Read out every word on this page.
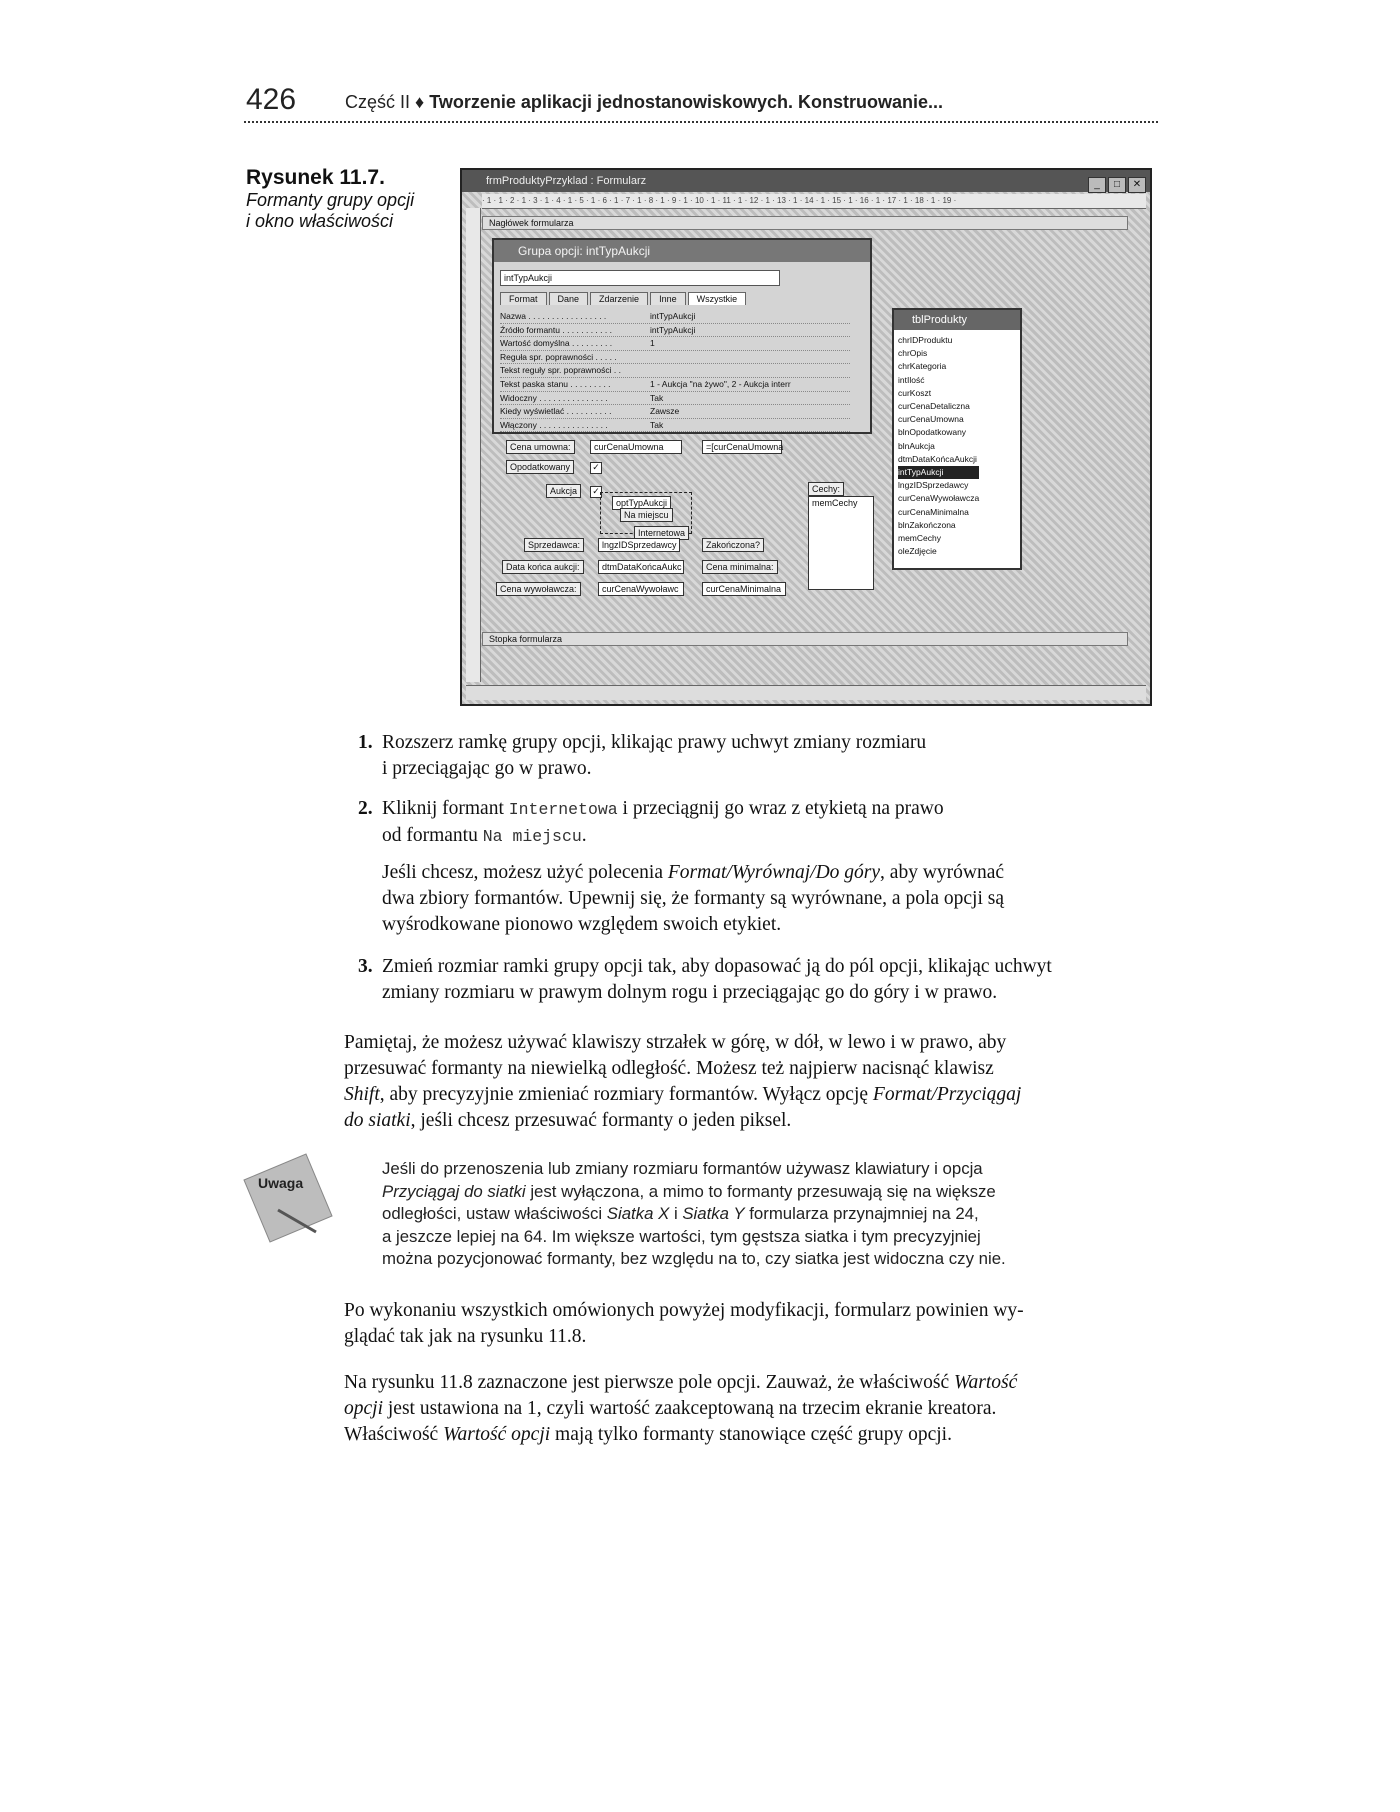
426	Część II ♦ Tworzenie aplikacji jednostanowiskowych. Konstruowanie...
Rysunek 11.7.
Formanty grupy opcji
i okno właściwości
frmProduktyPrzyklad : Formularz	_ □ ✕
· 1 · 1 · 2 · 1 · 3 · 1 · 4 · 1 · 5 · 1 · 6 · 1 · 7 · 1 · 8 · 1 · 9 · 1 · 10 · 1 · 11 · 1 · 12 · 1 · 13 · 1 · 14 · 1 · 15 · 1 · 16 · 1 · 17 · 1 · 18 · 1 · 19 ·
Nagłówek formularza
Stopka formularza
Cena umowna:	curCenaUmowna	=[curCenaUmowna
Opodatkowany	✓
Aukcja	✓
optTypAukcji
Na miejscu
Internetowa
Sprzedawca:	lngzIDSprzedawcy	Zakończona?
Data końca aukcji:	dtmDataKońcaAukc	Cena minimalna:
Cena wywoławcza:	curCenaWywoławc	curCenaMinimalna
Cechy:
memCechy
Grupa opcji: intTypAukcji
intTypAukcji
Format Dane Zdarzenie Inne Wszystkie
Nazwa . . . . . . . . . . . . . . . . .	intTypAukcji
Źródło formantu . . . . . . . . . . .	intTypAukcji
Wartość domyślna . . . . . . . . .	1
Reguła spr. poprawności . . . . .
Tekst reguły spr. poprawności . .
Tekst paska stanu . . . . . . . . .	1 - Aukcja "na żywo", 2 - Aukcja interr
Widoczny . . . . . . . . . . . . . . .	Tak
Kiedy wyświetlać . . . . . . . . . .	Zawsze
Włączony . . . . . . . . . . . . . . .	Tak
tblProdukty
chrIDProduktu
chrOpis
chrKategoria
intIlość
curKoszt
curCenaDetaliczna
curCenaUmowna
blnOpodatkowany
blnAukcja
dtmDataKońcaAukcji
intTypAukcji
lngzIDSprzedawcy
curCenaWywoławcza
curCenaMinimalna
blnZakończona
memCechy
oleZdjęcie
1. Rozszerz ramkę grupy opcji, klikając prawy uchwyt zmiany rozmiaru
i przeciągając go w prawo.
2. Kliknij formant Internetowa i przeciągnij go wraz z etykietą na prawo
od formantu Na miejscu.
Jeśli chcesz, możesz użyć polecenia Format/Wyrównaj/Do góry, aby wyrównać
dwa zbiory formantów. Upewnij się, że formanty są wyrównane, a pola opcji są
wyśrodkowane pionowo względem swoich etykiet.
3. Zmień rozmiar ramki grupy opcji tak, aby dopasować ją do pól opcji, klikając uchwyt
zmiany rozmiaru w prawym dolnym rogu i przeciągając go do góry i w prawo.
Pamiętaj, że możesz używać klawiszy strzałek w górę, w dół, w lewo i w prawo, aby
przesuwać formanty na niewielką odległość. Możesz też najpierw nacisnąć klawisz
Shift, aby precyzyjnie zmieniać rozmiary formantów. Wyłącz opcję Format/Przyciągaj
do siatki, jeśli chcesz przesuwać formanty o jeden piksel.
Uwaga
Jeśli do przenoszenia lub zmiany rozmiaru formantów używasz klawiatury i opcja
Przyciągaj do siatki jest wyłączona, a mimo to formanty przesuwają się na większe
odległości, ustaw właściwości Siatka X i Siatka Y formularza przynajmniej na 24,
a jeszcze lepiej na 64. Im większe wartości, tym gęstsza siatka i tym precyzyjniej
można pozycjonować formanty, bez względu na to, czy siatka jest widoczna czy nie.
Po wykonaniu wszystkich omówionych powyżej modyfikacji, formularz powinien wy-
glądać tak jak na rysunku 11.8.
Na rysunku 11.8 zaznaczone jest pierwsze pole opcji. Zauważ, że właściwość Wartość
opcji jest ustawiona na 1, czyli wartość zaakceptowaną na trzecim ekranie kreatora.
Właściwość Wartość opcji mają tylko formanty stanowiące część grupy opcji.
